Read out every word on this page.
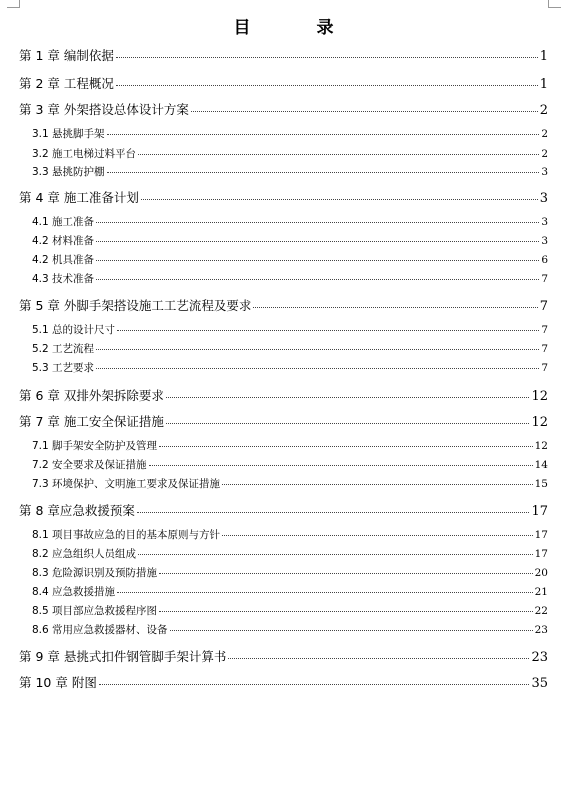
目 录
第 1 章 编制依据	1
第 2 章 工程概况	1
第 3 章 外架搭设总体设计方案	2
3.1 悬挑脚手架	2
3.2 施工电梯过料平台	2
3.3 悬挑防护棚	3
第 4 章 施工准备计划	3
4.1 施工准备	3
4.2 材料准备	3
4.2 机具准备	6
4.3 技术准备	7
第 5 章 外脚手架搭设施工工艺流程及要求	7
5.1 总的设计尺寸	7
5.2 工艺流程	7
5.3 工艺要求	7
第 6 章 双排外架拆除要求	12
第 7 章 施工安全保证措施	12
7.1 脚手架安全防护及管理	12
7.2 安全要求及保证措施	14
7.3 环境保护、文明施工要求及保证措施	15
第 8 章应急救援预案	17
8.1 项目事故应急的目的基本原则与方针	17
8.2 应急组织人员组成	17
8.3 危险源识别及预防措施	20
8.4 应急救援措施	21
8.5 项目部应急救援程序图	22
8.6 常用应急救援器材、设备	23
第 9 章 悬挑式扣件钢管脚手架计算书	23
第 10 章 附图	35
